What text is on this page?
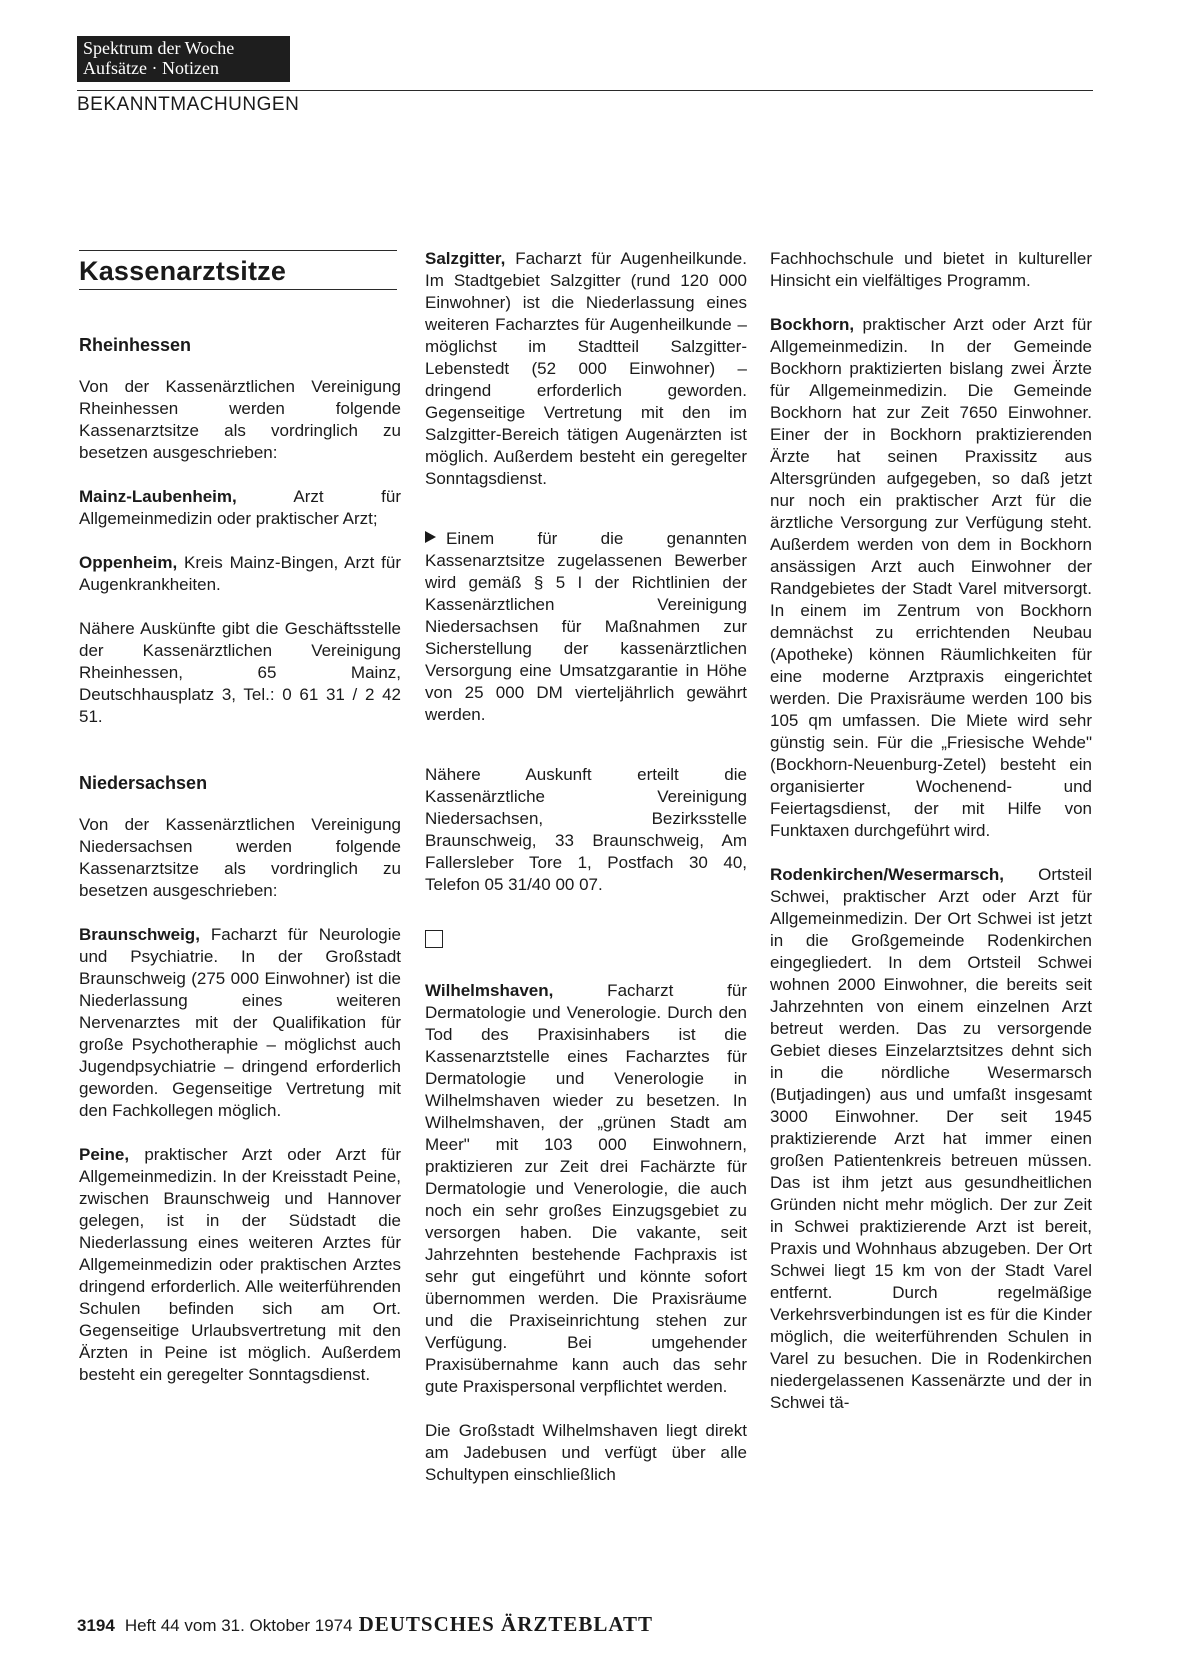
Spektrum der Woche
Aufsätze · Notizen
BEKANNTMACHUNGEN
Kassenarztsitze
Rheinhessen

Von der Kassenärztlichen Vereinigung Rheinhessen werden folgende Kassenarztsitze als vordringlich zu besetzen ausgeschrieben:

Mainz-Laubenheim, Arzt für Allgemeinmedizin oder praktischer Arzt;

Oppenheim, Kreis Mainz-Bingen, Arzt für Augenkrankheiten.

Nähere Auskünfte gibt die Geschäftsstelle der Kassenärztlichen Vereinigung Rheinhessen, 65 Mainz, Deutschhausplatz 3, Tel.: 0 61 31 / 2 42 51.

Niedersachsen

Von der Kassenärztlichen Vereinigung Niedersachsen werden folgende Kassenarztsitze als vordringlich zu besetzen ausgeschrieben:

Braunschweig, Facharzt für Neurologie und Psychiatrie. In der Großstadt Braunschweig (275 000 Einwohner) ist die Niederlassung eines weiteren Nervenarztes mit der Qualifikation für große Psychotheraphie – möglichst auch Jugendpsychiatrie – dringend erforderlich geworden. Gegenseitige Vertretung mit den Fachkollegen möglich.

Peine, praktischer Arzt oder Arzt für Allgemeinmedizin. In der Kreisstadt Peine, zwischen Braunschweig und Hannover gelegen, ist in der Südstadt die Niederlassung eines weiteren Arztes für Allgemeinmedizin oder praktischen Arztes dringend erforderlich. Alle weiterführenden Schulen befinden sich am Ort. Gegenseitige Urlaubsvertretung mit den Ärzten in Peine ist möglich. Außerdem besteht ein geregelter Sonntagsdienst.

Salzgitter, Facharzt für Augenheilkunde. Im Stadtgebiet Salzgitter (rund 120 000 Einwohner) ist die Niederlassung eines weiteren Facharztes für Augenheilkunde – möglichst im Stadtteil Salzgitter-Lebenstedt (52 000 Einwohner) – dringend erforderlich geworden. Gegenseitige Vertretung mit den im Salzgitter-Bereich tätigen Augenärzten ist möglich. Außerdem besteht ein geregelter Sonntagsdienst.

Einem für die genannten Kassenarztsitze zugelassenen Bewerber wird gemäß § 5 I der Richtlinien der Kassenärztlichen Vereinigung Niedersachsen für Maßnahmen zur Sicherstellung der kassenärztlichen Versorgung eine Umsatzgarantie in Höhe von 25 000 DM vierteljährlich gewährt werden.

Nähere Auskunft erteilt die Kassenärztliche Vereinigung Niedersachsen, Bezirksstelle Braunschweig, 33 Braunschweig, Am Fallersleber Tore 1, Postfach 30 40, Telefon 05 31/40 00 07.

Wilhelmshaven, Facharzt für Dermatologie und Venerologie. Durch den Tod des Praxisinhabers ist die Kassenarztstelle eines Facharztes für Dermatologie und Venerologie in Wilhelmshaven wieder zu besetzen. In Wilhelmshaven, der „grünen Stadt am Meer" mit 103 000 Einwohnern, praktizieren zur Zeit drei Fachärzte für Dermatologie und Venerologie, die auch noch ein sehr großes Einzugsgebiet zu versorgen haben. Die vakante, seit Jahrzehnten bestehende Fachpraxis ist sehr gut eingeführt und könnte sofort übernommen werden. Die Praxisräume und die Praxiseinrichtung stehen zur Verfügung. Bei umgehender Praxisübernahme kann auch das sehr gute Praxispersonal verpflichtet werden.

Die Großstadt Wilhelmshaven liegt direkt am Jadebusen und verfügt über alle Schultypen einschließlich

Fachhochschule und bietet in kultureller Hinsicht ein vielfältiges Programm.

Bockhorn, praktischer Arzt oder Arzt für Allgemeinmedizin. In der Gemeinde Bockhorn praktizierten bislang zwei Ärzte für Allgemeinmedizin. Die Gemeinde Bockhorn hat zur Zeit 7650 Einwohner. Einer der in Bockhorn praktizierenden Ärzte hat seinen Praxissitz aus Altersgründen aufgegeben, so daß jetzt nur noch ein praktischer Arzt für die ärztliche Versorgung zur Verfügung steht. Außerdem werden von dem in Bockhorn ansässigen Arzt auch Einwohner der Randgebietes der Stadt Varel mitversorgt. In einem im Zentrum von Bockhorn demnächst zu errichtenden Neubau (Apotheke) können Räumlichkeiten für eine moderne Arztpraxis eingerichtet werden. Die Praxisräume werden 100 bis 105 qm umfassen. Die Miete wird sehr günstig sein. Für die „Friesische Wehde" (Bockhorn-Neuenburg-Zetel) besteht ein organisierter Wochenend- und Feiertagsdienst, der mit Hilfe von Funktaxen durchgeführt wird.

Rodenkirchen/Wesermarsch, Ortsteil Schwei, praktischer Arzt oder Arzt für Allgemeinmedizin. Der Ort Schwei ist jetzt in die Großgemeinde Rodenkirchen eingegliedert. In dem Ortsteil Schwei wohnen 2000 Einwohner, die bereits seit Jahrzehnten von einem einzelnen Arzt betreut werden. Das zu versorgende Gebiet dieses Einzelarztsitzes dehnt sich in die nördliche Wesermarsch (Butjadingen) aus und umfaßt insgesamt 3000 Einwohner. Der seit 1945 praktizierende Arzt hat immer einen großen Patientenkreis betreuen müssen. Das ist ihm jetzt aus gesundheitlichen Gründen nicht mehr möglich. Der zur Zeit in Schwei praktizierende Arzt ist bereit, Praxis und Wohnhaus abzugeben. Der Ort Schwei liegt 15 km von der Stadt Varel entfernt. Durch regelmäßige Verkehrsverbindungen ist es für die Kinder möglich, die weiterführenden Schulen in Varel zu besuchen. Die in Rodenkirchen niedergelassenen Kassenärzte und der in Schwei tä-

3194 Heft 44 vom 31. Oktober 1974 DEUTSCHES ÄRZTEBLATT
